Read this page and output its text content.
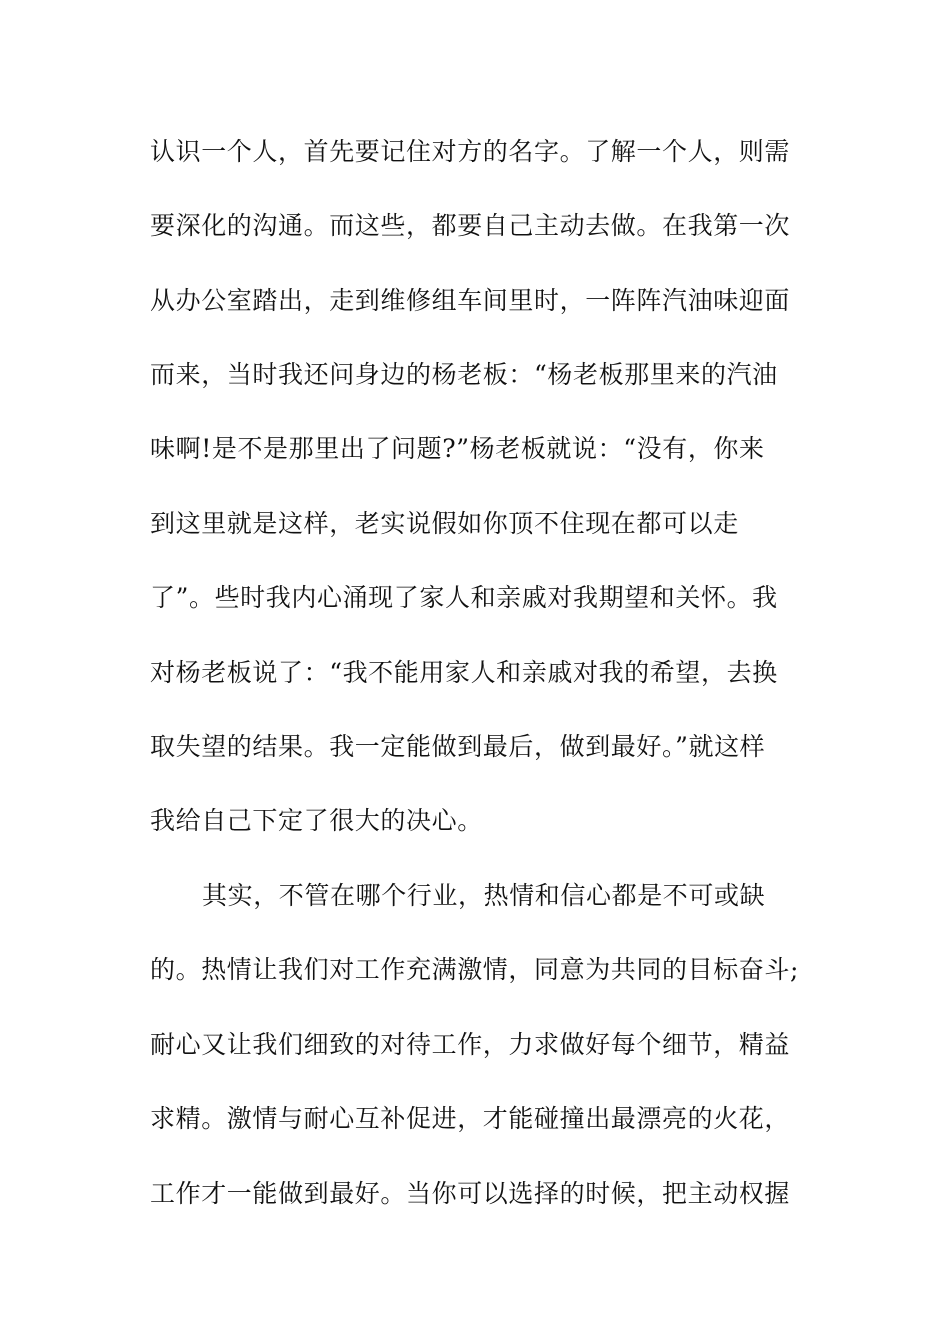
认识一个人，首先要记住对方的名字。了解一个人，则需
要深化的沟通。而这些，都要自己主动去做。在我第一次
从办公室踏出，走到维修组车间里时，一阵阵汽油味迎面
而来，当时我还问身边的杨老板：“杨老板那里来的汽油
味啊!是不是那里出了问题?”杨老板就说：“没有，你来
到这里就是这样，老实说假如你顶不住现在都可以走
了”。些时我内心涌现了家人和亲戚对我期望和关怀。我
对杨老板说了：“我不能用家人和亲戚对我的希望，去换
取失望的结果。我一定能做到最后，做到最好。”就这样
我给自己下定了很大的决心。
其实，不管在哪个行业，热情和信心都是不可或缺
的。热情让我们对工作充满激情，同意为共同的目标奋斗;
耐心又让我们细致的对待工作，力求做好每个细节，精益
求精。激情与耐心互补促进，才能碰撞出最漂亮的火花，
工作才一能做到最好。当你可以选择的时候，把主动权握
